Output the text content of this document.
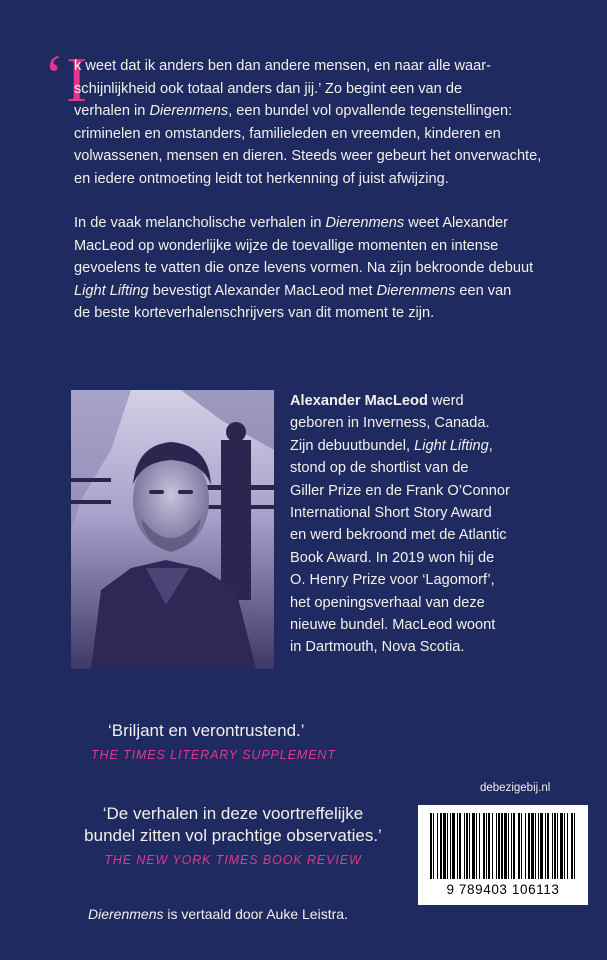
‘ I
k weet dat ik anders ben dan andere mensen, en naar alle waar-
schijnlijkheid ook totaal anders dan jij.’ Zo begint een van de
verhalen in Dierenmens, een bundel vol opvallende tegenstellingen:
criminelen en omstanders, familieleden en vreemden, kinderen en
volwassenen, mensen en dieren. Steeds weer gebeurt het onverwachte,
en iedere ontmoeting leidt tot herkenning of juist afwijzing.
In de vaak melancholische verhalen in Dierenmens weet Alexander
MacLeod op wonderlijke wijze de toevallige momenten en intense
gevoelens te vatten die onze levens vormen. Na zijn bekroonde debuut
Light Lifting bevestigt Alexander MacLeod met Dierenmens een van
de beste korteverhalenschrijvers van dit moment te zijn.
Alexander MacLeod werd
geboren in Inverness, Canada.
Zijn debuutbundel, Light Lifting,
stond op de shortlist van de
Giller Prize en de Frank O’Connor
International Short Story Award
en werd bekroond met de Atlantic
Book Award. In 2019 won hij de
O. Henry Prize voor ‘Lagomorf’,
het openingsverhaal van deze
nieuwe bundel. MacLeod woont
in Dartmouth, Nova Scotia.
‘Briljant en verontrustend.’
THE TIMES LITERARY SUPPLEMENT
debezigebij.nl
‘De verhalen in deze voortreffelijke
bundel zitten vol prachtige observaties.’
THE NEW YORK TIMES BOOK REVIEW
Dierenmens is vertaald door Auke Leistra.
9 789403 106113
